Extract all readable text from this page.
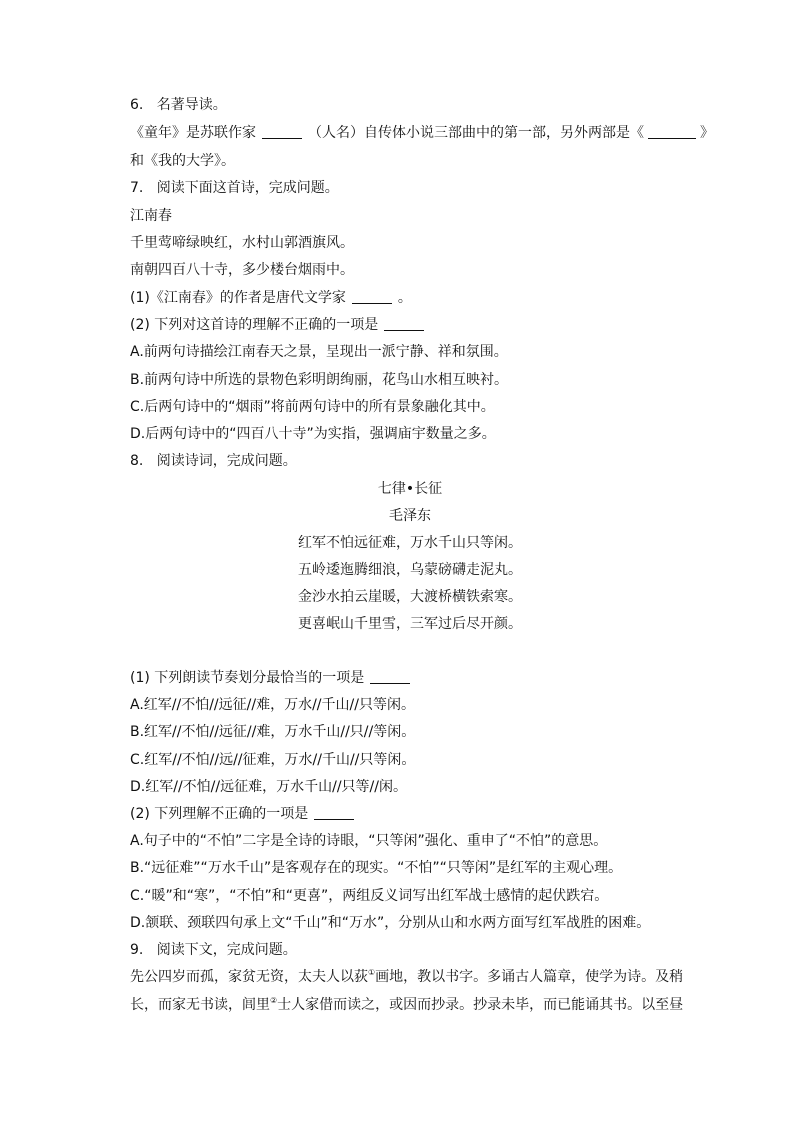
6. 名著导读。
《童年》是苏联作家	（人名）自传体小说三部曲中的第一部，另外两部是《	》
和《我的大学》。
7. 阅读下面这首诗，完成问题。
江南春
千里莺啼绿映红，水村山郭酒旗风。
南朝四百八十寺，多少楼台烟雨中。
(1)《江南春》的作者是唐代文学家	。
(2) 下列对这首诗的理解不正确的一项是
A.前两句诗描绘江南春天之景，呈现出一派宁静、祥和氛围。
B.前两句诗中所选的景物色彩明朗绚丽，花鸟山水相互映衬。
C.后两句诗中的“烟雨”将前两句诗中的所有景象融化其中。
D.后两句诗中的“四百八十寺”为实指，强调庙宇数量之多。
8. 阅读诗词，完成问题。
七律•长征
毛泽东
红军不怕远征难，万水千山只等闲。
五岭逶迤腾细浪，乌蒙磅礴走泥丸。
金沙水拍云崖暖，大渡桥横铁索寒。
更喜岷山千里雪，三军过后尽开颜。
(1) 下列朗读节奏划分最恰当的一项是
A.红军//不怕//远征//难，万水//千山//只等闲。
B.红军//不怕//远征//难，万水千山//只//等闲。
C.红军//不怕//远//征难，万水//千山//只等闲。
D.红军//不怕//远征难，万水千山//只等//闲。
(2) 下列理解不正确的一项是
A.句子中的“不怕”二字是全诗的诗眼，“只等闲”强化、重申了“不怕”的意思。
B.“远征难”“万水千山”是客观存在的现实。“不怕”“只等闲”是红军的主观心理。
C.“暖”和“寒”，“不怕”和“更喜”，两组反义词写出红军战士感情的起伏跌宕。
D.颔联、颈联四句承上文“千山”和“万水”，分别从山和水两方面写红军战胜的困难。
9. 阅读下文，完成问题。
先公四岁而孤，家贫无资，太夫人以荻①画地，教以书字。多诵古人篇章，使学为诗。及稍
长，而家无书读，闾里②士人家借而读之，或因而抄录。抄录未毕，而已能诵其书。以至昼
